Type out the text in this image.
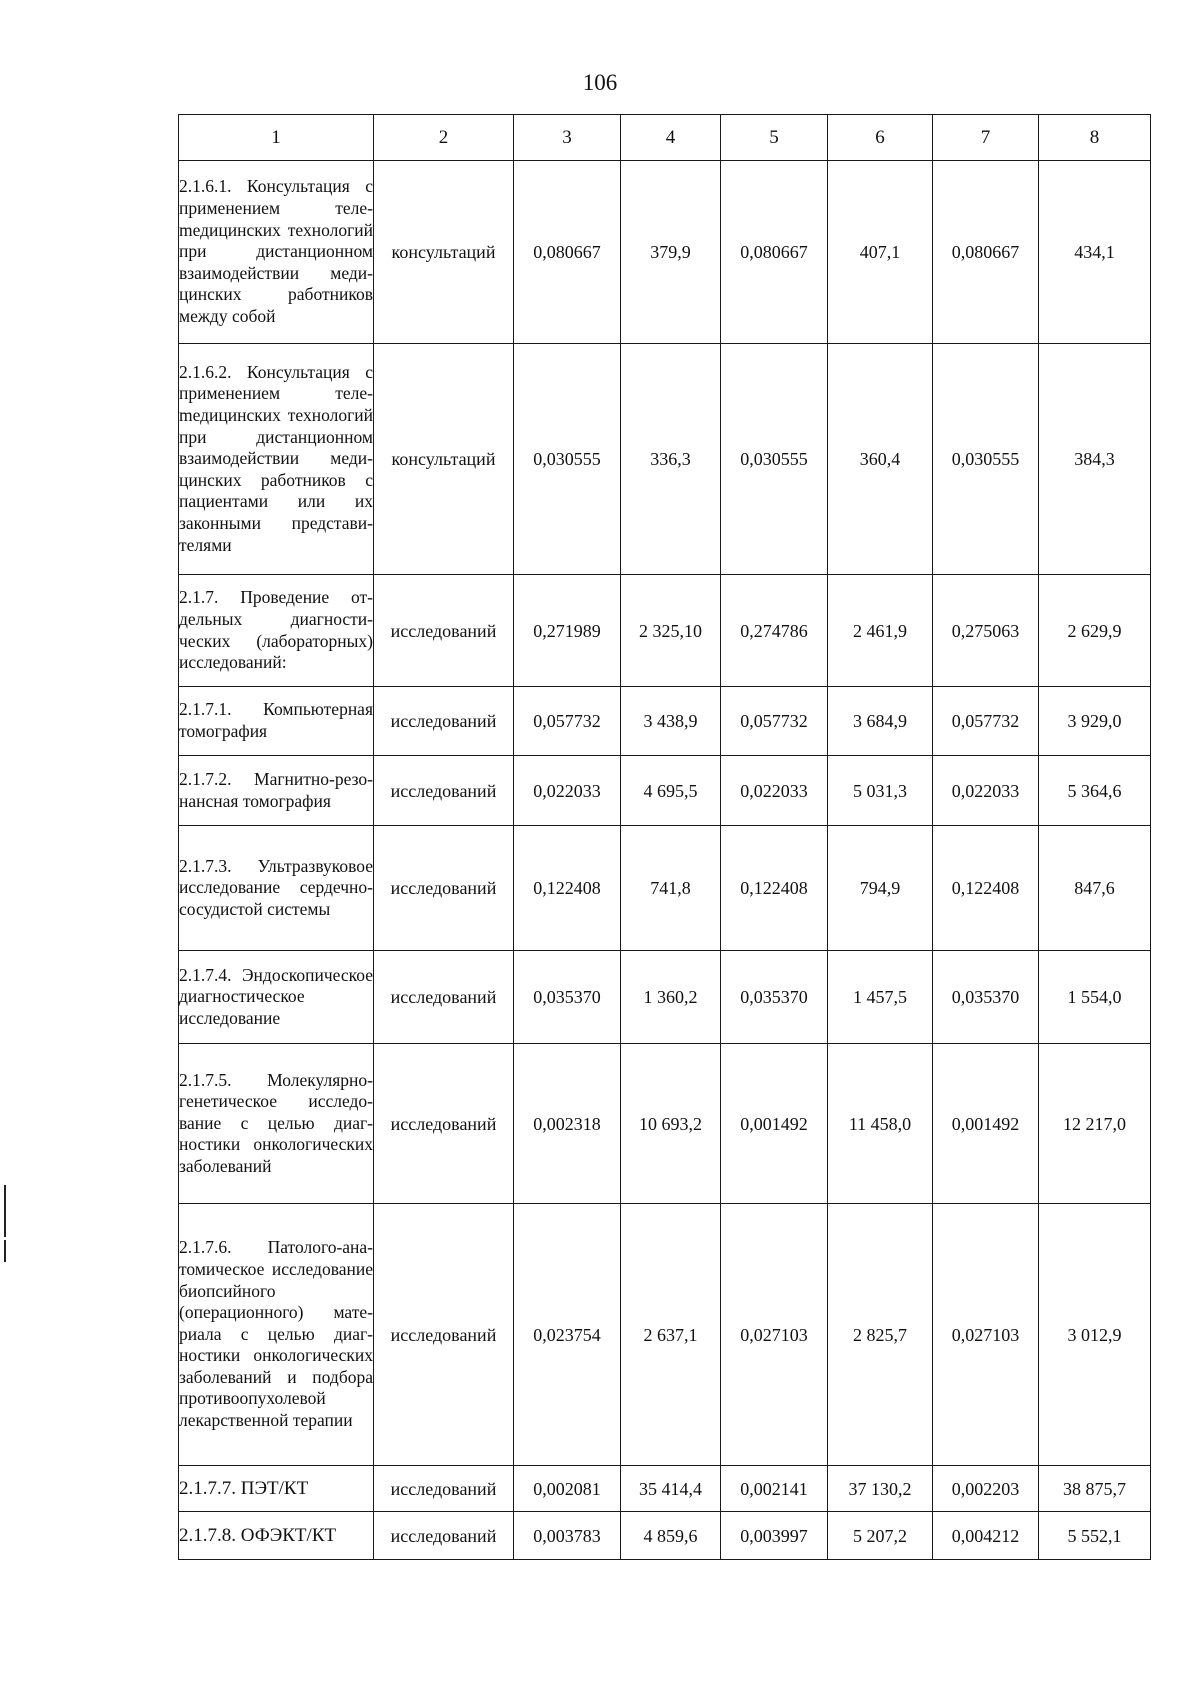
106
1	2	3	4	5	6	7	8
2.1.6.1. Консультация с применением телеmедицинских технологий при дистанционном взаимодействии медицинских работников между собой	консультаций	0,080667	379,9	0,080667	407,1	0,080667	434,1
2.1.6.2. Консультация с применением телеmедицинских технологий при дистанционном взаимодействии медицинских работников с пациентами или их законными представителями	консультаций	0,030555	336,3	0,030555	360,4	0,030555	384,3
2.1.7. Проведение отдельных диагностических (лабораторных) исследований:	исследований	0,271989	2 325,10	0,274786	2 461,9	0,275063	2 629,9
2.1.7.1. Компьютерная томография	исследований	0,057732	3 438,9	0,057732	3 684,9	0,057732	3 929,0
2.1.7.2. Магнитно-резонансная томография	исследований	0,022033	4 695,5	0,022033	5 031,3	0,022033	5 364,6
2.1.7.3. Ультразвуковое исследование сердечно-сосудистой системы	исследований	0,122408	741,8	0,122408	794,9	0,122408	847,6
2.1.7.4. Эндоскопическое диагностическое исследование	исследований	0,035370	1 360,2	0,035370	1 457,5	0,035370	1 554,0
2.1.7.5. Молекулярно-генетическое исследование с целью диагностики онкологических заболеваний	исследований	0,002318	10 693,2	0,001492	11 458,0	0,001492	12 217,0
2.1.7.6. Патолого-анатомическое исследование биопсийного (операционного) материала с целью диагностики онкологических заболеваний и подбора противоопухолевой лекарственной терапии	исследований	0,023754	2 637,1	0,027103	2 825,7	0,027103	3 012,9
2.1.7.7. ПЭТ/КТ	исследований	0,002081	35 414,4	0,002141	37 130,2	0,002203	38 875,7
2.1.7.8. ОФЭКТ/КТ	исследований	0,003783	4 859,6	0,003997	5 207,2	0,004212	5 552,1
